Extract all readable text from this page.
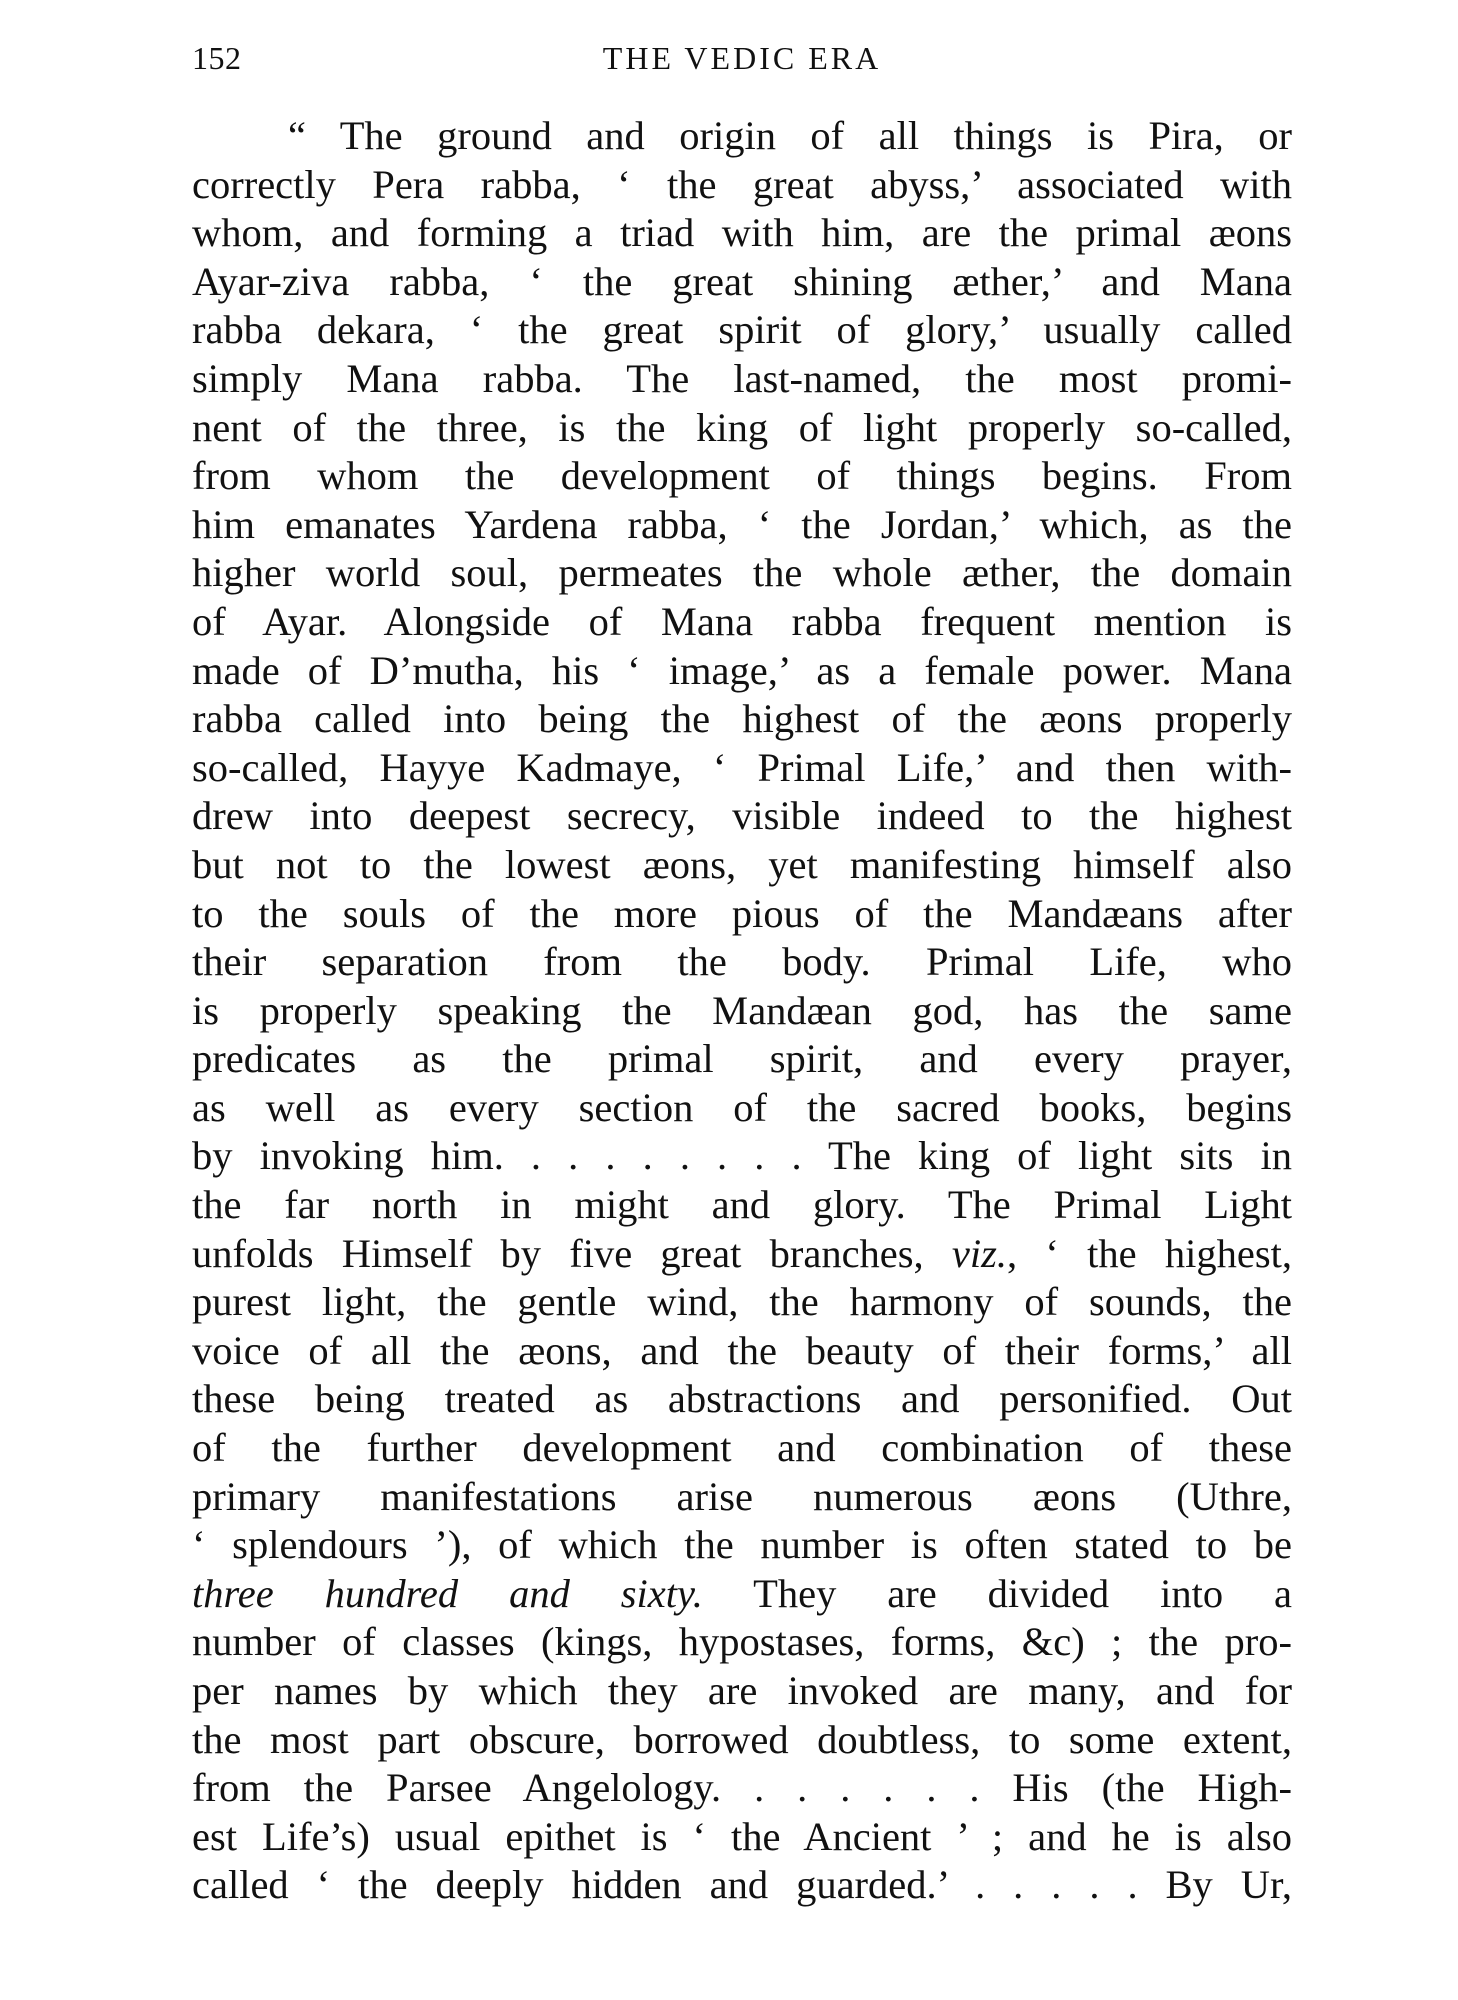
152	THE VEDIC ERA
“ The ground and origin of all things is Pira, or
correctly Pera rabba, ‘ the great abyss,’ associated with
whom, and forming a triad with him, are the primal æons
Ayar-ziva rabba, ‘ the great shining æther,’ and Mana
rabba dekara, ‘ the great spirit of glory,’ usually called
simply Mana rabba. The last-named, the most promi-
nent of the three, is the king of light properly so-called,
from whom the development of things begins. From
him emanates Yardena rabba, ‘ the Jordan,’ which, as the
higher world soul, permeates the whole æther, the domain
of Ayar. Alongside of Mana rabba frequent mention is
made of D’mutha, his ‘ image,’ as a female power. Mana
rabba called into being the highest of the æons properly
so-called, Hayye Kadmaye, ‘ Primal Life,’ and then with-
drew into deepest secrecy, visible indeed to the highest
but not to the lowest æons, yet manifesting himself also
to the souls of the more pious of the Mandæans after
their separation from the body. Primal Life, who
is properly speaking the Mandæan god, has the same
predicates as the primal spirit, and every prayer,
as well as every section of the sacred books, begins
by invoking him. . . . . . . . . The king of light sits in
the far north in might and glory. The Primal Light
unfolds Himself by five great branches, viz., ‘ the highest,
purest light, the gentle wind, the harmony of sounds, the
voice of all the æons, and the beauty of their forms,’ all
these being treated as abstractions and personified. Out
of the further development and combination of these
primary manifestations arise numerous æons (Uthre,
‘ splendours ’), of which the number is often stated to be
three hundred and sixty. They are divided into a
number of classes (kings, hypostases, forms, &c) ; the pro-
per names by which they are invoked are many, and for
the most part obscure, borrowed doubtless, to some extent,
from the Parsee Angelology. . . . . . . His (the High-
est Life’s) usual epithet is ‘ the Ancient ’ ; and he is also
called ‘ the deeply hidden and guarded.’ . . . . . By Ur,
